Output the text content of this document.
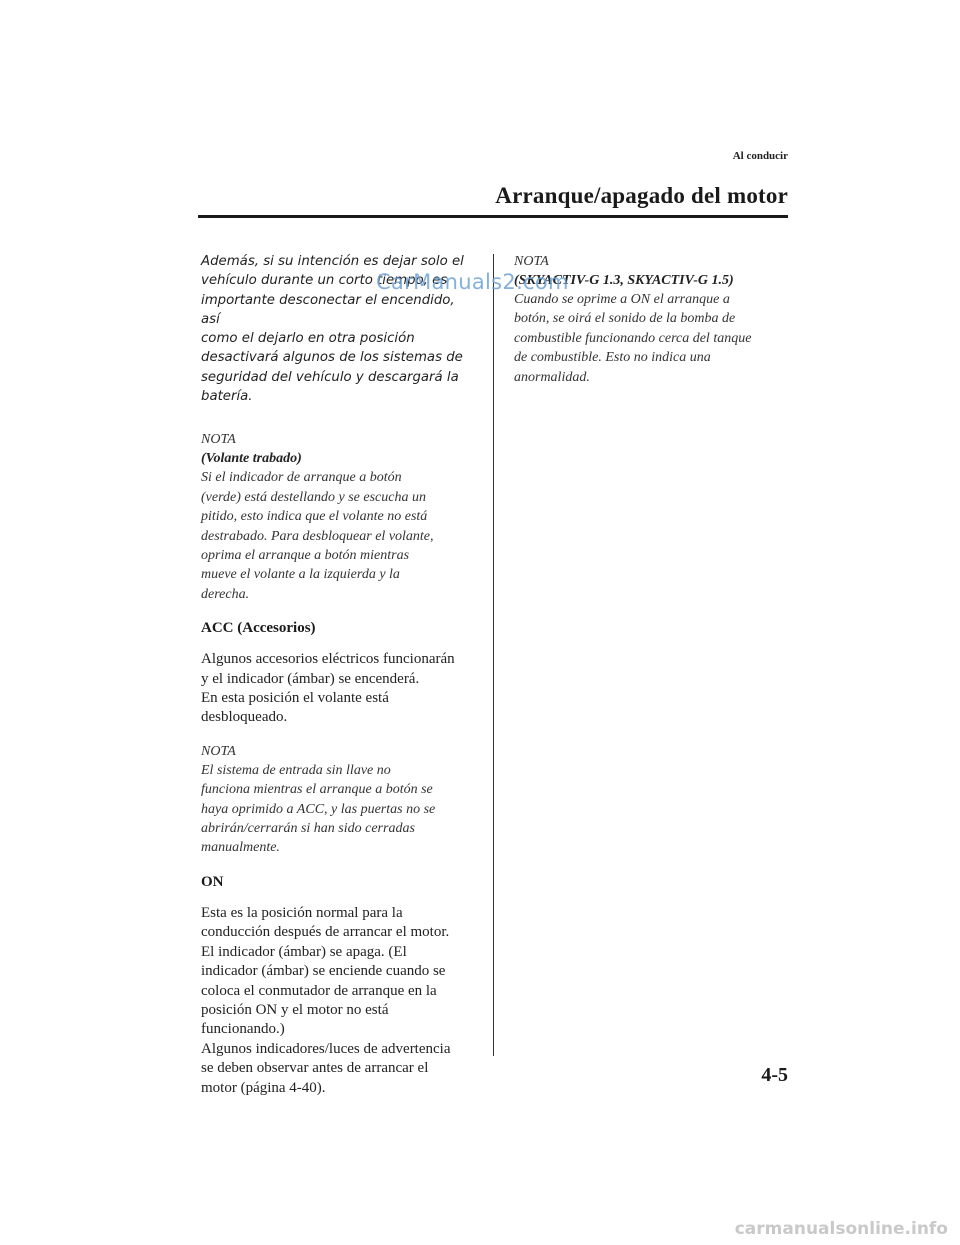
Al conducir
Arranque/apagado del motor

Además, si su intención es dejar solo el
vehículo durante un corto tiempo, es
importante desconectar el encendido, así
como el dejarlo en otra posición
desactivará algunos de los sistemas de
seguridad del vehículo y descargará la
batería.

NOTA

(Volante trabado)

Si el indicador de arranque a botón
(verde) está destellando y se escucha un
pitido, esto indica que el volante no está
destrabado. Para desbloquear el volante,
oprima el arranque a botón mientras
mueve el volante a la izquierda y la
derecha.

ACC (Accesorios)

Algunos accesorios eléctricos funcionarán
y el indicador (ámbar) se encenderá.
En esta posición el volante está
desbloqueado.

NOTA

El sistema de entrada sin llave no
funciona mientras el arranque a botón se
haya oprimido a ACC, y las puertas no se
abrirán/cerrarán si han sido cerradas
manualmente.

ON

Esta es la posición normal para la
conducción después de arrancar el motor.
El indicador (ámbar) se apaga. (El
indicador (ámbar) se enciende cuando se
coloca el conmutador de arranque en la
posición ON y el motor no está
funcionando.)
Algunos indicadores/luces de advertencia
se deben observar antes de arrancar el
motor (página 4-40).

NOTA

(SKYACTIV-G 1.3, SKYACTIV-G 1.5)

Cuando se oprime a ON el arranque a
botón, se oirá el sonido de la bomba de
combustible funcionando cerca del tanque
de combustible. Esto no indica una
anormalidad.

CarManuals2.com
4-5
carmanualsonline.info
